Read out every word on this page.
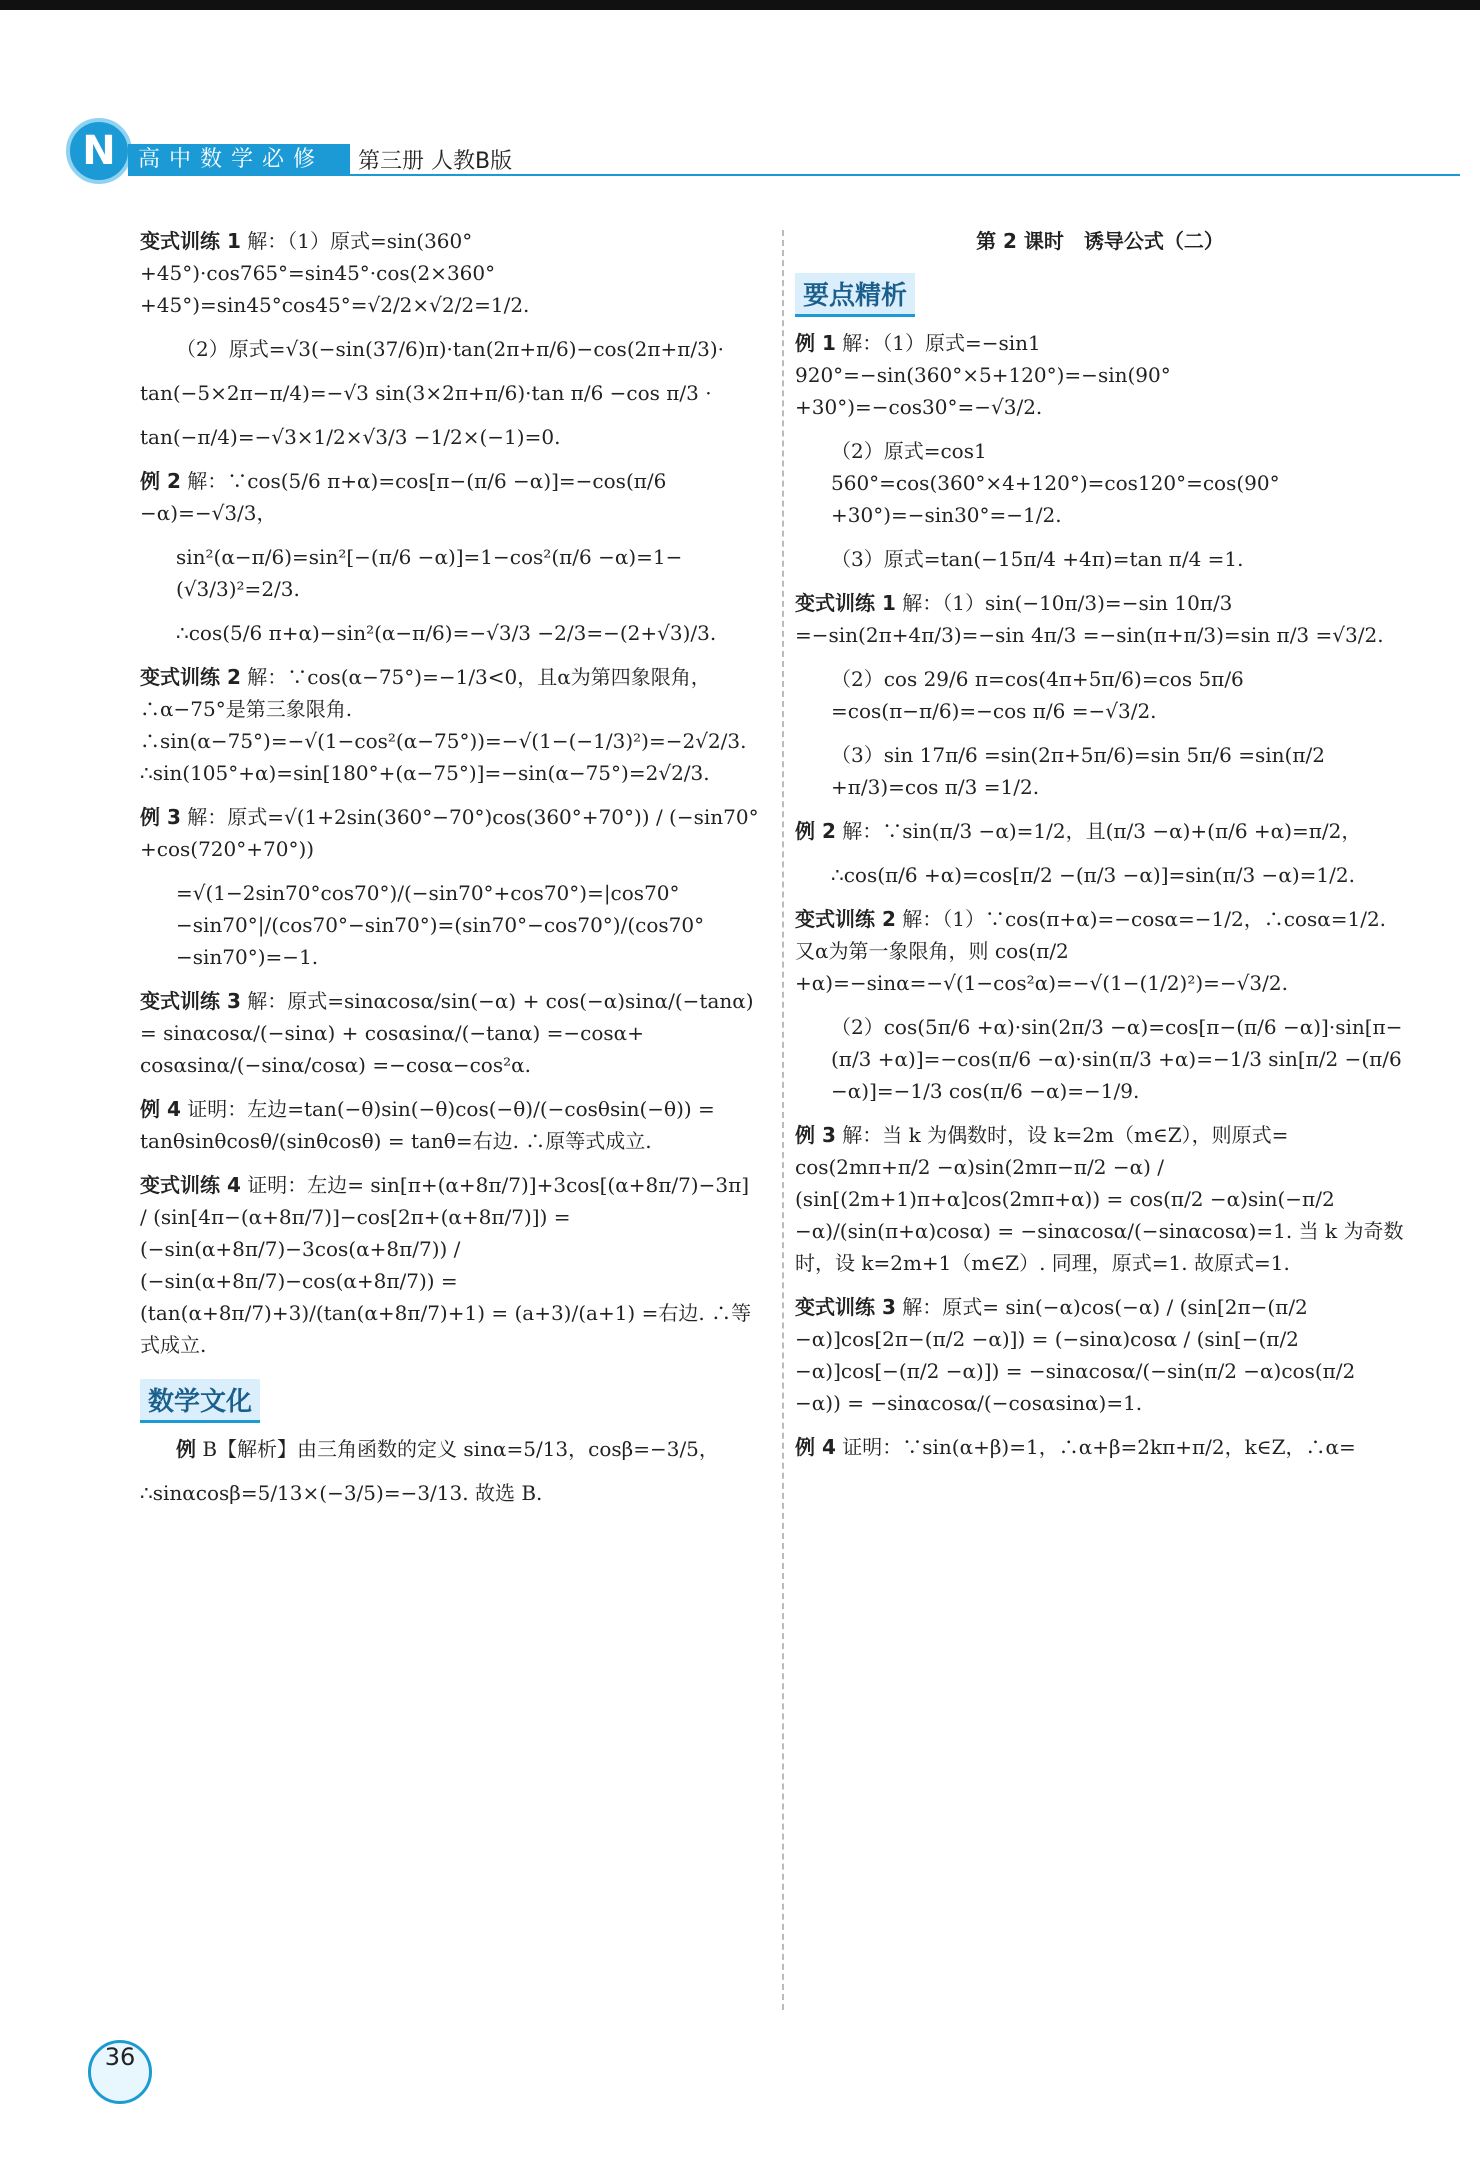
N	高中数学必修	第三册 人教B版
变式训练 1 解：（1）原式=sin(360°+45°)·cos765°=sin45°·cos(2×360°+45°)=sin45°cos45°=√2/2×√2/2=1/2.
（2）原式=√3(−sin(37/6)π)·tan(2π+π/6)−cos(2π+π/3)·
tan(−5×2π−π/4)=−√3 sin(3×2π+π/6)·tan π/6 −cos π/3 ·
tan(−π/4)=−√3×1/2×√3/3 −1/2×(−1)=0.
例 2 解：∵cos(5/6 π+α)=cos[π−(π/6 −α)]=−cos(π/6 −α)=−√3/3，
sin²(α−π/6)=sin²[−(π/6 −α)]=1−cos²(π/6 −α)=1−(√3/3)²=2/3.
∴cos(5/6 π+α)−sin²(α−π/6)=−√3/3 −2/3=−(2+√3)/3.
变式训练 2 解：∵cos(α−75°)=−1/3<0，且α为第四象限角，∴α−75°是第三象限角. ∴sin(α−75°)=−√(1−cos²(α−75°))=−√(1−(−1/3)²)=−2√2/3. ∴sin(105°+α)=sin[180°+(α−75°)]=−sin(α−75°)=2√2/3.
例 3 解：原式=√(1+2sin(360°−70°)cos(360°+70°)) / (−sin70°+cos(720°+70°))
=√(1−2sin70°cos70°)/(−sin70°+cos70°)=|cos70°−sin70°|/(cos70°−sin70°)=(sin70°−cos70°)/(cos70°−sin70°)=−1.
变式训练 3 解：原式=sinαcosα/sin(−α) + cos(−α)sinα/(−tanα) = sinαcosα/(−sinα) + cosαsinα/(−tanα) =−cosα+ cosαsinα/(−sinα/cosα) =−cosα−cos²α.
例 4 证明：左边=tan(−θ)sin(−θ)cos(−θ)/(−cosθsin(−θ)) = tanθsinθcosθ/(sinθcosθ) = tanθ=右边. ∴原等式成立.
变式训练 4 证明：左边= sin[π+(α+8π/7)]+3cos[(α+8π/7)−3π] / (sin[4π−(α+8π/7)]−cos[2π+(α+8π/7)]) = (−sin(α+8π/7)−3cos(α+8π/7)) / (−sin(α+8π/7)−cos(α+8π/7)) = (tan(α+8π/7)+3)/(tan(α+8π/7)+1) = (a+3)/(a+1) =右边. ∴等式成立.
数学文化
例 B【解析】由三角函数的定义 sinα=5/13，cosβ=−3/5，
∴sinαcosβ=5/13×(−3/5)=−3/13. 故选 B.
第 2 课时　诱导公式（二）
要点精析
例 1 解：（1）原式=−sin1 920°=−sin(360°×5+120°)=−sin(90°+30°)=−cos30°=−√3/2.
（2）原式=cos1 560°=cos(360°×4+120°)=cos120°=cos(90°+30°)=−sin30°=−1/2.
（3）原式=tan(−15π/4 +4π)=tan π/4 =1.
变式训练 1 解：（1）sin(−10π/3)=−sin 10π/3 =−sin(2π+4π/3)=−sin 4π/3 =−sin(π+π/3)=sin π/3 =√3/2.
（2）cos 29/6 π=cos(4π+5π/6)=cos 5π/6 =cos(π−π/6)=−cos π/6 =−√3/2.
（3）sin 17π/6 =sin(2π+5π/6)=sin 5π/6 =sin(π/2 +π/3)=cos π/3 =1/2.
例 2 解：∵sin(π/3 −α)=1/2，且(π/3 −α)+(π/6 +α)=π/2，
∴cos(π/6 +α)=cos[π/2 −(π/3 −α)]=sin(π/3 −α)=1/2.
变式训练 2 解：（1）∵cos(π+α)=−cosα=−1/2，∴cosα=1/2. 又α为第一象限角，则 cos(π/2 +α)=−sinα=−√(1−cos²α)=−√(1−(1/2)²)=−√3/2.
（2）cos(5π/6 +α)·sin(2π/3 −α)=cos[π−(π/6 −α)]·sin[π−(π/3 +α)]=−cos(π/6 −α)·sin(π/3 +α)=−1/3 sin[π/2 −(π/6 −α)]=−1/3 cos(π/6 −α)=−1/9.
例 3 解：当 k 为偶数时，设 k=2m（m∈Z），则原式= cos(2mπ+π/2 −α)sin(2mπ−π/2 −α) / (sin[(2m+1)π+α]cos(2mπ+α)) = cos(π/2 −α)sin(−π/2 −α)/(sin(π+α)cosα) = −sinαcosα/(−sinαcosα)=1. 当 k 为奇数时，设 k=2m+1（m∈Z）. 同理，原式=1. 故原式=1.
变式训练 3 解：原式= sin(−α)cos(−α) / (sin[2π−(π/2 −α)]cos[2π−(π/2 −α)]) = (−sinα)cosα / (sin[−(π/2 −α)]cos[−(π/2 −α)]) = −sinαcosα/(−sin(π/2 −α)cos(π/2 −α)) = −sinαcosα/(−cosαsinα)=1.
例 4 证明：∵sin(α+β)=1，∴α+β=2kπ+π/2，k∈Z，∴α=
36
